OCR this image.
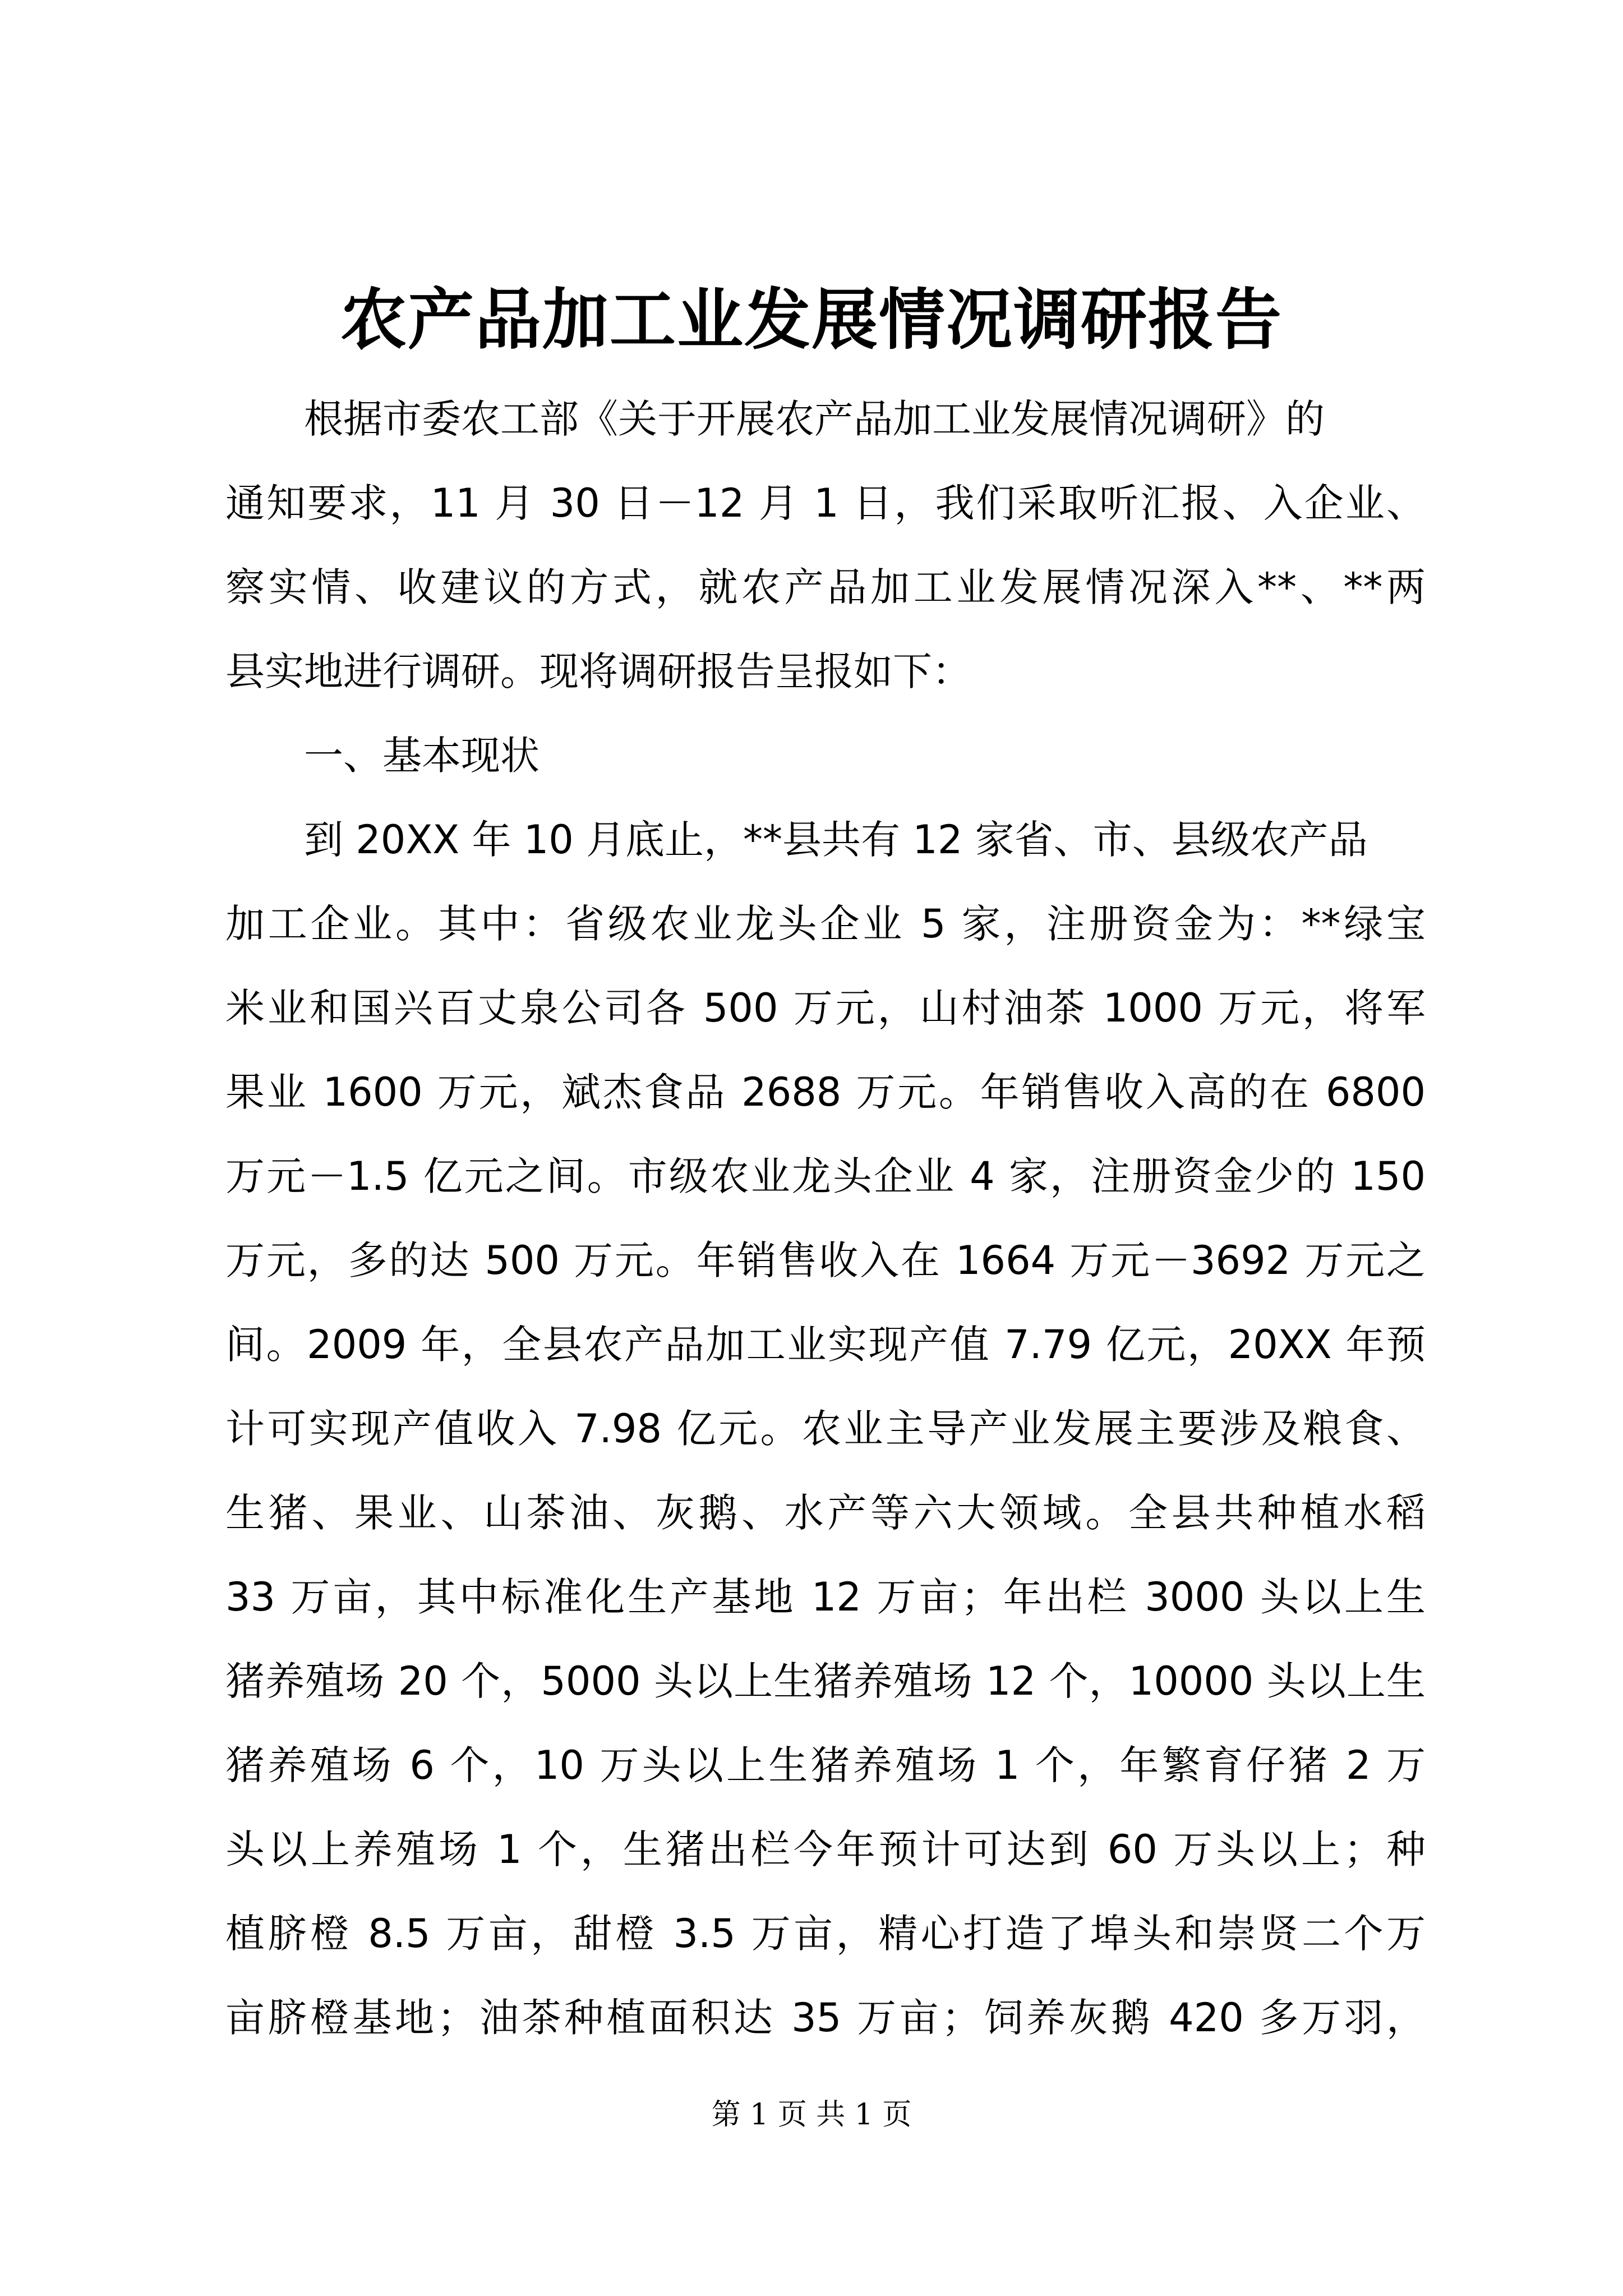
农产品加工业发展情况调研报告
根据市委农工部《关于开展农产品加工业发展情况调研》的
通知要求，11 月 30 日－12 月 1 日，我们采取听汇报、入企业、
察实情、收建议的方式，就农产品加工业发展情况深入**、**两
县实地进行调研。现将调研报告呈报如下：
一、基本现状
到 20XX 年 10 月底止，**县共有 12 家省、市、县级农产品
加工企业。其中：省级农业龙头企业 5 家，注册资金为：**绿宝
米业和国兴百丈泉公司各 500 万元，山村油茶 1000 万元，将军
果业 1600 万元，斌杰食品 2688 万元。年销售收入高的在 6800
万元－1.5 亿元之间。市级农业龙头企业 4 家，注册资金少的 150
万元，多的达 500 万元。年销售收入在 1664 万元－3692 万元之
间。2009 年，全县农产品加工业实现产值 7.79 亿元，20XX 年预
计可实现产值收入 7.98 亿元。农业主导产业发展主要涉及粮食、
生猪、果业、山茶油、灰鹅、水产等六大领域。全县共种植水稻
33 万亩，其中标准化生产基地 12 万亩；年出栏 3000 头以上生
猪养殖场 20 个，5000 头以上生猪养殖场 12 个，10000 头以上生
猪养殖场 6 个，10 万头以上生猪养殖场 1 个，年繁育仔猪 2 万
头以上养殖场 1 个，生猪出栏今年预计可达到 60 万头以上；种
植脐橙 8.5 万亩，甜橙 3.5 万亩，精心打造了埠头和崇贤二个万
亩脐橙基地；油茶种植面积达 35 万亩；饲养灰鹅 420 多万羽，
第 1 页 共 1 页
